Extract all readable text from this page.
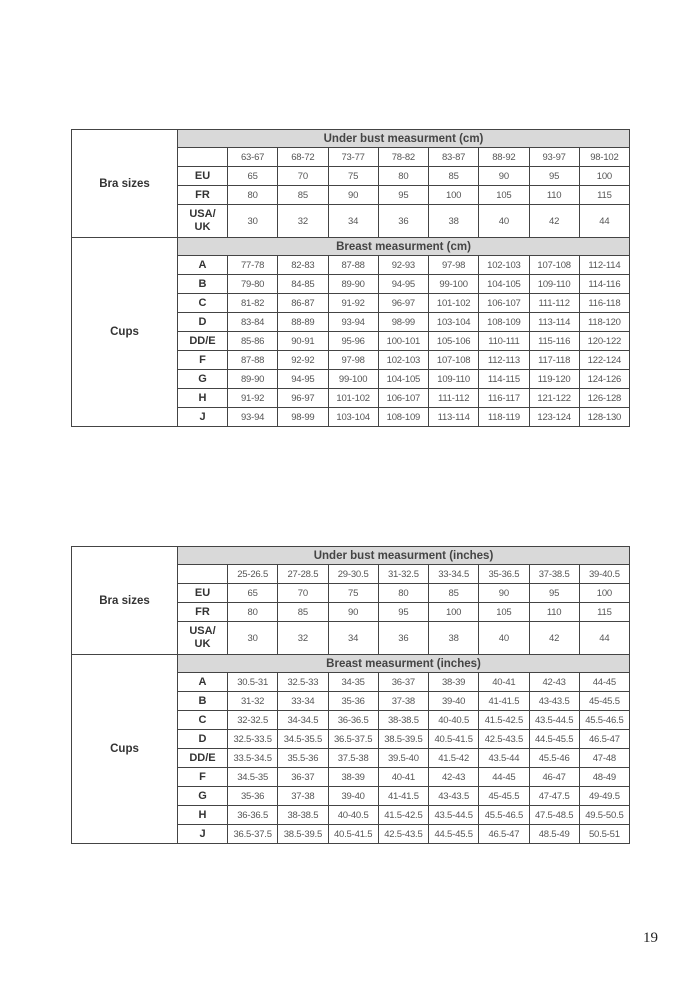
Bra sizes	Under bust measurment (cm)								
		63-67	68-72	73-77	78-82	83-87	88-92	93-97	98-102
	EU	65	70	75	80	85	90	95	100
	FR	80	85	90	95	100	105	110	115
	USA/
UK	30	32	34	36	38	40	42	44
Cups	Breast measurment (cm)								
	A	77-78	82-83	87-88	92-93	97-98	102-103	107-108	112-114
	B	79-80	84-85	89-90	94-95	99-100	104-105	109-110	114-116
	C	81-82	86-87	91-92	96-97	101-102	106-107	111-112	116-118
	D	83-84	88-89	93-94	98-99	103-104	108-109	113-114	118-120
	DD/E	85-86	90-91	95-96	100-101	105-106	110-111	115-116	120-122
	F	87-88	92-92	97-98	102-103	107-108	112-113	117-118	122-124
	G	89-90	94-95	99-100	104-105	109-110	114-115	119-120	124-126
	H	91-92	96-97	101-102	106-107	111-112	116-117	121-122	126-128
	J	93-94	98-99	103-104	108-109	113-114	118-119	123-124	128-130
Bra sizes	Under bust measurment (inches)								
		25-26.5	27-28.5	29-30.5	31-32.5	33-34.5	35-36.5	37-38.5	39-40.5
	EU	65	70	75	80	85	90	95	100
	FR	80	85	90	95	100	105	110	115
	USA/
UK	30	32	34	36	38	40	42	44
Cups	Breast measurment (inches)								
	A	30.5-31	32.5-33	34-35	36-37	38-39	40-41	42-43	44-45
	B	31-32	33-34	35-36	37-38	39-40	41-41.5	43-43.5	45-45.5
	C	32-32.5	34-34.5	36-36.5	38-38.5	40-40.5	41.5-42.5	43.5-44.5	45.5-46.5
	D	32.5-33.5	34.5-35.5	36.5-37.5	38.5-39.5	40.5-41.5	42.5-43.5	44.5-45.5	46.5-47
	DD/E	33.5-34.5	35.5-36	37.5-38	39.5-40	41.5-42	43.5-44	45.5-46	47-48
	F	34.5-35	36-37	38-39	40-41	42-43	44-45	46-47	48-49
	G	35-36	37-38	39-40	41-41.5	43-43.5	45-45.5	47-47.5	49-49.5
	H	36-36.5	38-38.5	40-40.5	41.5-42.5	43.5-44.5	45.5-46.5	47.5-48.5	49.5-50.5
	J	36.5-37.5	38.5-39.5	40.5-41.5	42.5-43.5	44.5-45.5	46.5-47	48.5-49	50.5-51
19
